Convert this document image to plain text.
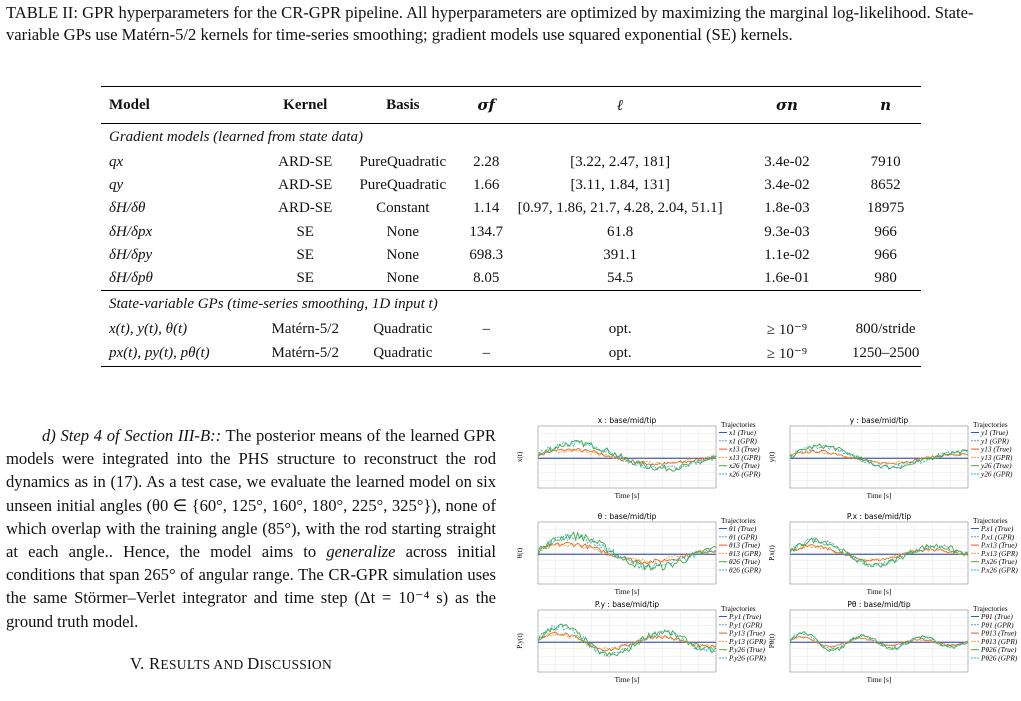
TABLE II: GPR hyperparameters for the CR-GPR pipeline. All hyperparameters are optimized by maximizing the marginal log-likelihood. State-variable GPs use Matérn-5/2 kernels for time-series smoothing; gradient models use squared exponential (SE) kernels.
Model	Kernel	Basis	σf	ℓ	σn	n
Gradient models (learned from state data)						
qx	ARD-SE	PureQuadratic	2.28	[3.22, 2.47, 181]	3.4e-02	7910
qy	ARD-SE	PureQuadratic	1.66	[3.11, 1.84, 131]	3.4e-02	8652
δH/δθ	ARD-SE	Constant	1.14	[0.97, 1.86, 21.7, 4.28, 2.04, 51.1]	1.8e-03	18975
δH/δpx	SE	None	134.7	61.8	9.3e-03	966
δH/δpy	SE	None	698.3	391.1	1.1e-02	966
δH/δpθ	SE	None	8.05	54.5	1.6e-01	980
State-variable GPs (time-series smoothing, 1D input t)						
x(t), y(t), θ(t)	Matérn-5/2	Quadratic	–	opt.	≥ 10⁻⁹	800/stride
px(t), py(t), pθ(t)	Matérn-5/2	Quadratic	–	opt.	≥ 10⁻⁹	1250–2500

d) Step 4 of Section III-B:: The posterior means of the learned GPR models were integrated into the PHS structure to reconstruct the rod dynamics as in (17). As a test case, we evaluate the learned model on six unseen initial angles (θ0 ∈ {60°, 125°, 160°, 180°, 225°, 325°}), none of which overlap with the training angle (85°), with the rod starting straight at each angle.. Hence, the model aims to generalize across initial conditions that span 265° of angular range. The CR-GPR simulation uses the same Störmer–Verlet integrator and time step (Δt = 10⁻⁴ s) as the ground truth model.

V. RESULTS AND DISCUSSION
x : base/mid/tip
x(t)
Time [s]
Trajectories
x1 (True)
x1 (GPR)
x13 (True)
x13 (GPR)
x26 (True)
x26 (GPR)
y : base/mid/tip
y(t)
Time [s]
Trajectories
y1 (True)
y1 (GPR)
y13 (True)
y13 (GPR)
y26 (True)
y26 (GPR)
θ : base/mid/tip
θ(t)
Time [s]
Trajectories
θ1 (True)
θ1 (GPR)
θ13 (True)
θ13 (GPR)
θ26 (True)
θ26 (GPR)
P.x : base/mid/tip
P.x(t)
Time [s]
Trajectories
P.x1 (True)
P.x1 (GPR)
P.x13 (True)
P.x13 (GPR)
P.x26 (True)
P.x26 (GPR)
P.y : base/mid/tip
P.y(t)
Time [s]
Trajectories
P.y1 (True)
P.y1 (GPR)
P.y13 (True)
P.y13 (GPR)
P.y26 (True)
P.y26 (GPR)
Pθ : base/mid/tip
Pθ(t)
Time [s]
Trajectories
Pθ1 (True)
Pθ1 (GPR)
Pθ13 (True)
Pθ13 (GPR)
Pθ26 (True)
Pθ26 (GPR)
